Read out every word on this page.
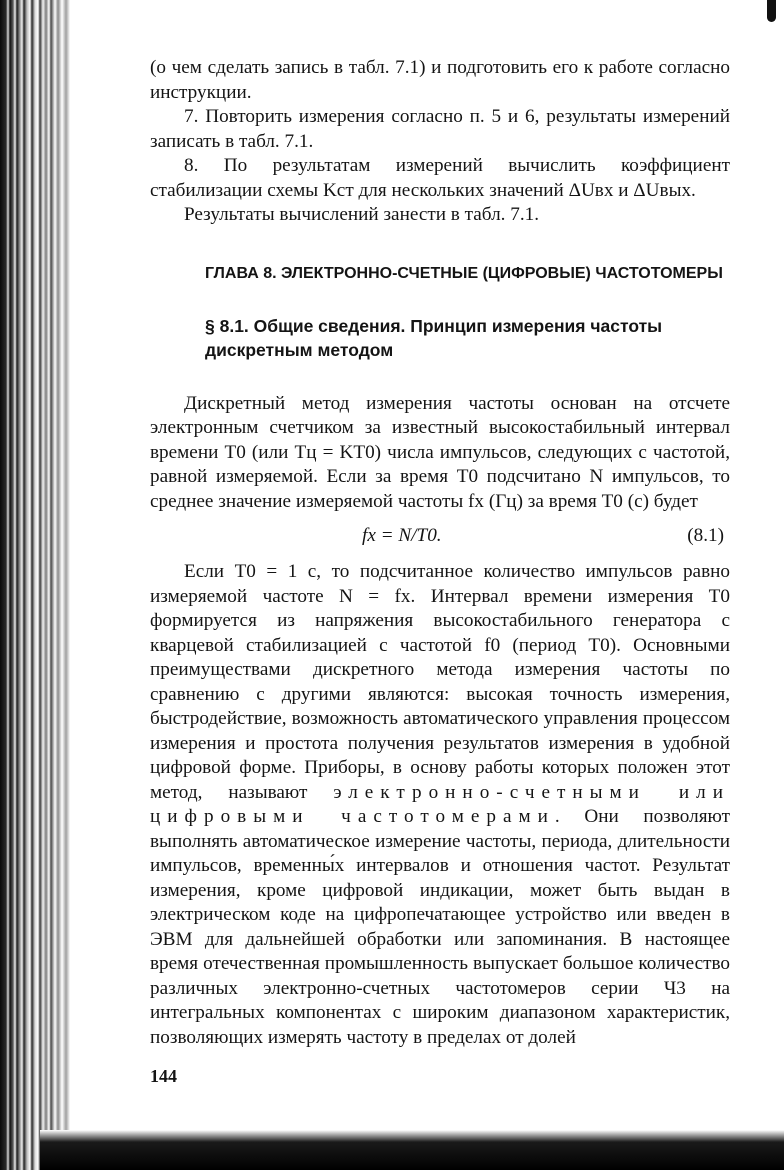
(о чем сделать запись в табл. 7.1) и подготовить его к работе согласно инструкции.

7. Повторить измерения согласно п. 5 и 6, результаты измерений записать в табл. 7.1.

8. По результатам измерений вычислить коэффициент стабилизации схемы Kст для нескольких значений ΔUвх и ΔUвых.

Результаты вычислений занести в табл. 7.1.

ГЛАВА 8. ЭЛЕКТРОННО-СЧЕТНЫЕ (ЦИФРОВЫЕ) ЧАСТОТОМЕРЫ
§ 8.1. Общие сведения. Принцип измерения частоты дискретным методом

Дискретный метод измерения частоты основан на отсчете электронным счетчиком за известный высокостабильный интервал времени T0 (или Tц = KT0) числа импульсов, следующих с частотой, равной измеряемой. Если за время T0 подсчитано N импульсов, то среднее значение измеряемой частоты fx (Гц) за время T0 (с) будет

fx = N/T0.	(8.1)

Если T0 = 1 с, то подсчитанное количество импульсов равно измеряемой частоте N = fx. Интервал времени измерения T0 формируется из напряжения высокостабильного генератора с кварцевой стабилизацией с частотой f0 (период T0). Основными преимуществами дискретного метода измерения частоты по сравнению с другими являются: высокая точность измерения, быстродействие, возможность автоматического управления процессом измерения и простота получения результатов измерения в удобной цифровой форме. Приборы, в основу работы которых положен этот метод, называют электронно-счетными или цифровыми частотомерами. Они позволяют выполнять автоматическое измерение частоты, периода, длительности импульсов, временны́х интервалов и отношения частот. Результат измерения, кроме цифровой индикации, может быть выдан в электрическом коде на цифропечатающее устройство или введен в ЭВМ для дальнейшей обработки или запоминания. В настоящее время отечественная промышленность выпускает большое количество различных электронно-счетных частотомеров серии Ч3 на интегральных компонентах с широким диапазоном характеристик, позволяющих измерять частоту в пределах от долей

144
